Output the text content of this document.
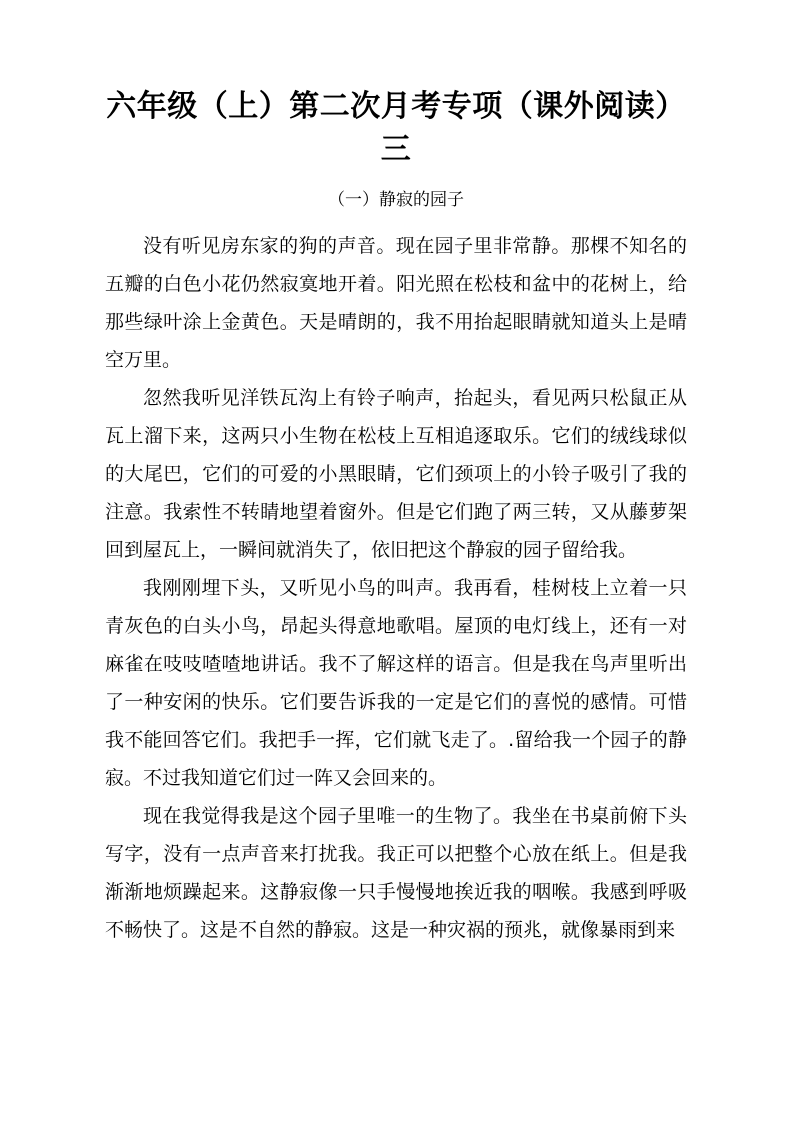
六年级（上）第二次月考专项（课外阅读）三
（一）静寂的园子

没有听见房东家的狗的声音。现在园子里非常静。那棵不知名的五瓣的白色小花仍然寂寞地开着。阳光照在松枝和盆中的花树上，给那些绿叶涂上金黄色。天是晴朗的，我不用抬起眼睛就知道头上是晴空万里。

忽然我听见洋铁瓦沟上有铃子响声，抬起头，看见两只松鼠正从瓦上溜下来，这两只小生物在松枝上互相追逐取乐。它们的绒线球似的大尾巴，它们的可爱的小黑眼睛，它们颈项上的小铃子吸引了我的注意。我索性不转睛地望着窗外。但是它们跑了两三转，又从藤萝架回到屋瓦上，一瞬间就消失了，依旧把这个静寂的园子留给我。

我刚刚埋下头，又听见小鸟的叫声。我再看，桂树枝上立着一只青灰色的白头小鸟，昂起头得意地歌唱。屋顶的电灯线上，还有一对麻雀在吱吱喳喳地讲话。我不了解这样的语言。但是我在鸟声里听出了一种安闲的快乐。它们要告诉我的一定是它们的喜悦的感情。可惜我不能回答它们。我把手一挥，它们就飞走了。.留给我一个园子的静寂。不过我知道它们过一阵又会回来的。

现在我觉得我是这个园子里唯一的生物了。我坐在书桌前俯下头写字，没有一点声音来打扰我。我正可以把整个心放在纸上。但是我渐渐地烦躁起来。这静寂像一只手慢慢地挨近我的咽喉。我感到呼吸不畅快了。这是不自然的静寂。这是一种灾祸的预兆，就像暴雨到来
